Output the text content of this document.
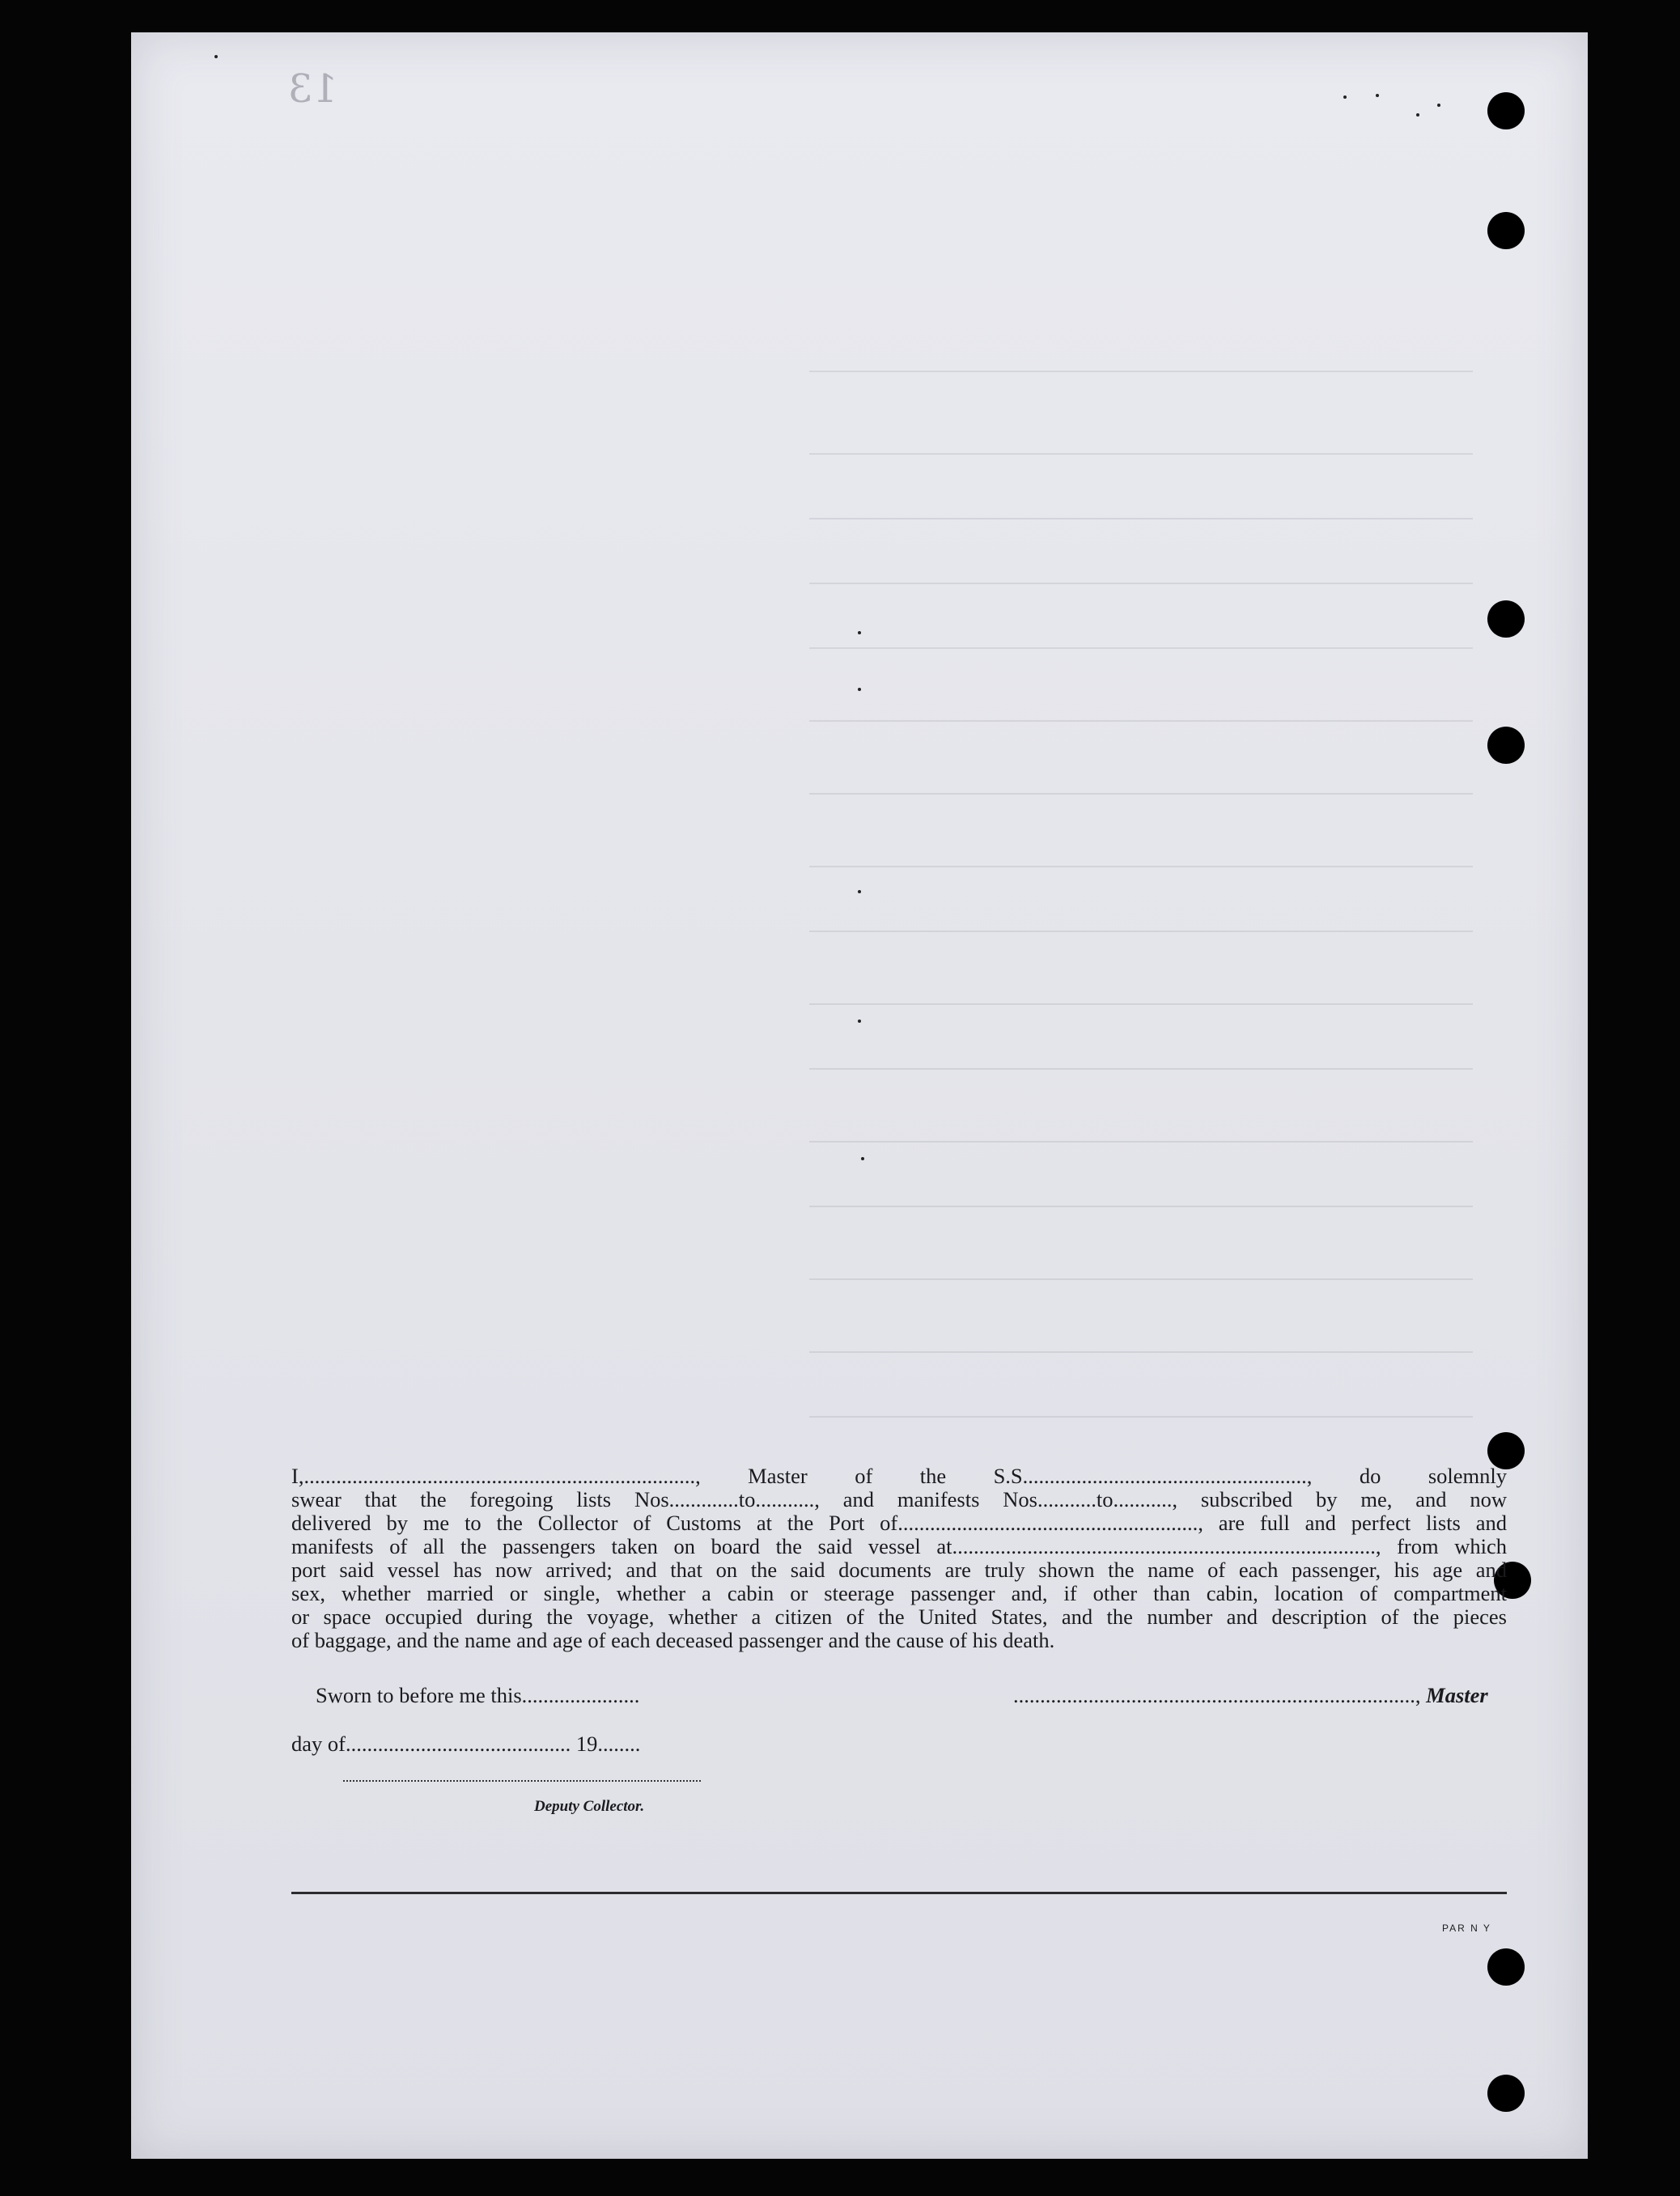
13
I,........................................................................., Master of the S.S....................................................., do solemnly
swear that the foregoing lists Nos.............to..........., and manifests Nos...........to..........., subscribed by me, and now
delivered by me to the Collector of Customs at the Port of........................................................, are full and perfect lists and
manifests of all the passengers taken on board the said vessel at..............................................................................., from which
port said vessel has now arrived; and that on the said documents are truly shown the name of each passenger, his age and
sex, whether married or single, whether a cabin or steerage passenger and, if other than cabin, location of compartment
or space occupied during the voyage, whether a citizen of the United States, and the number and description of the pieces
of baggage, and the name and age of each deceased passenger and the cause of his death.
Sworn to before me this......................	..........................................................................., Master
day of.......................................... 19........
Deputy Collector.
PAR N Y
